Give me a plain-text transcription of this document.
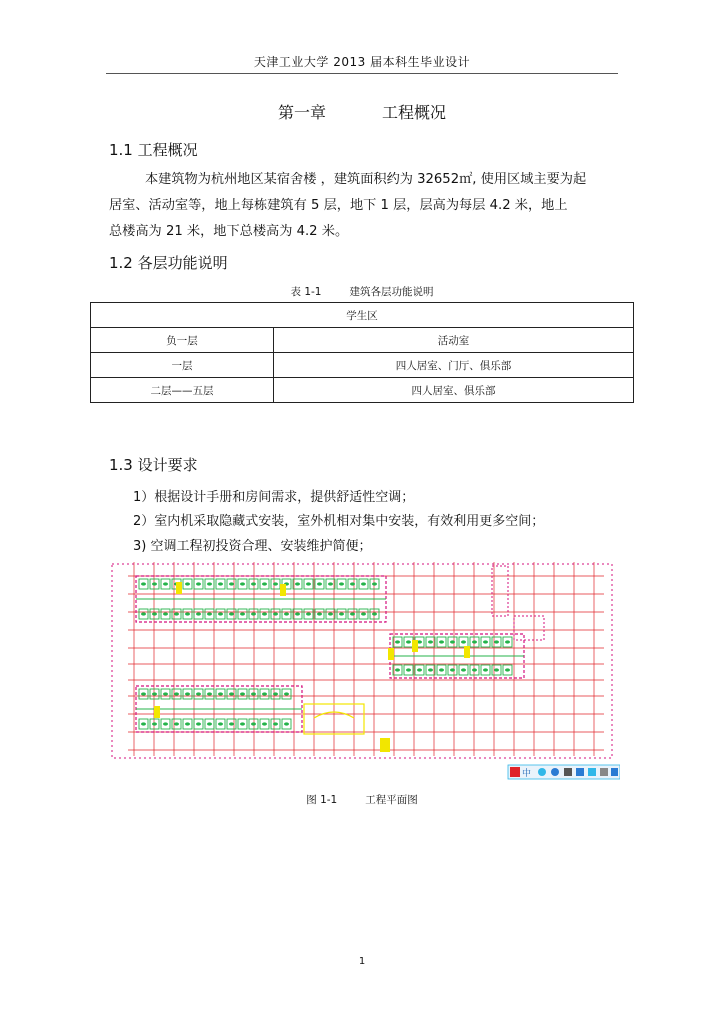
天津工业大学 2013 届本科生毕业设计
第一章	工程概况
1.1 工程概况
本建筑物为杭州地区某宿舍楼 ，建筑面积约为 32652㎡, 使用区域主要为起
居室、活动室等，地上每栋建筑有 5 层，地下 1 层，层高为每层 4.2 米，地上
总楼高为 21 米，地下总楼高为 4.2 米。
1.2 各层功能说明
表 1-1	建筑各层功能说明
学生区	
负一层	活动室
一层	四人居室、门厅、俱乐部
二层——五层	四人居室、俱乐部
1.3 设计要求
1）根据设计手册和房间需求，提供舒适性空调；
2）室内机采取隐藏式安装，室外机相对集中安装，有效利用更多空间；
3) 空调工程初投资合理、安装维护简便；
中
图 1-1	工程平面图
1
